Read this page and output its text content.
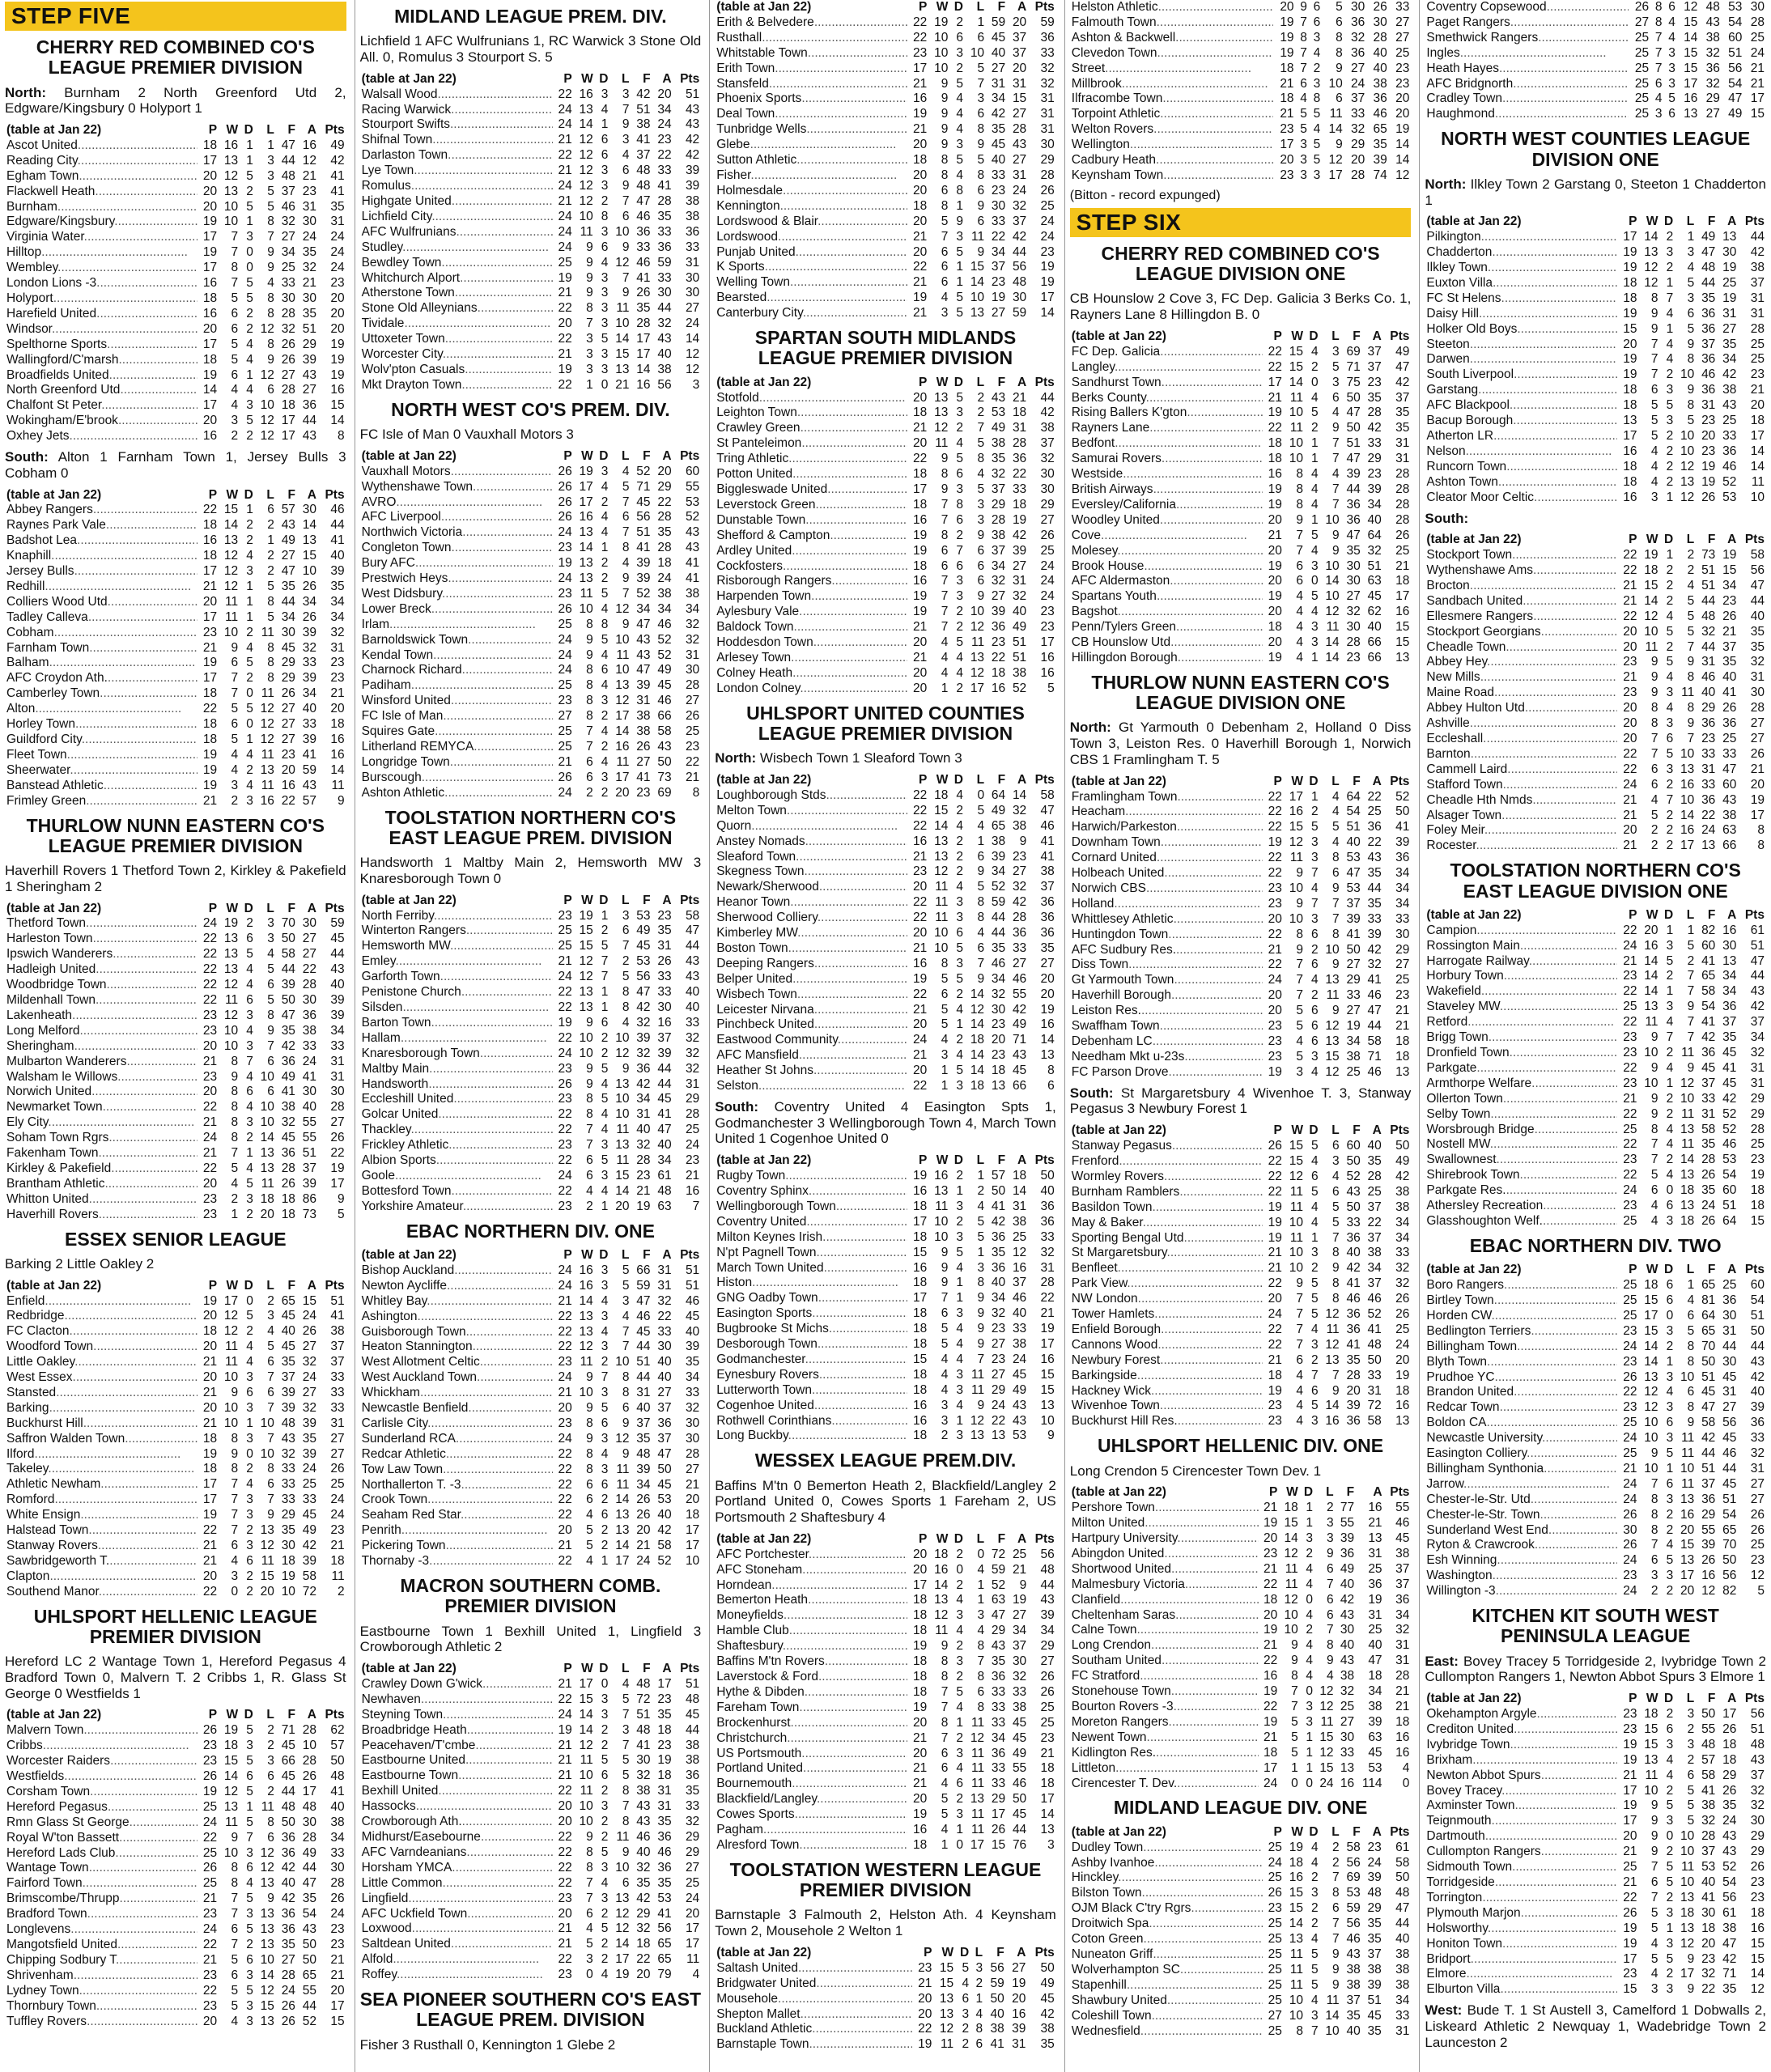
STEP FIVE
CHERRY RED COMBINED CO'S LEAGUE PREMIER DIVISION
North: Burnham 2 North Greenford Utd 2, Edgware/Kingsbury 0 Holyport 1
(table at Jan 22)	P	W	D	L	F	A	Pts
Ascot United .....	18	16	1	1	47	16	49
Reading City .....	17	13	1	3	44	12	42
Egham Town .....	20	12	5	3	48	21	41
Flackwell Heath .....	20	13	2	5	37	23	41
Burnham .....	20	10	5	5	46	31	35
Edgware/Kingsbury .....	19	10	1	8	32	30	31
Virginia Water .....	17	7	3	7	27	24	24
Hilltop .....	19	7	0	9	34	35	24
Wembley .....	17	8	0	9	25	32	24
London Lions -3 .....	16	7	5	4	33	21	23
Holyport .....	18	5	5	8	30	30	20
Harefield United .....	16	6	2	8	28	35	20
Windsor .....	20	6	2	12	32	51	20
Spelthorne Sports .....	17	5	4	8	26	29	19
Wallingford/C'marsh .....	18	5	4	9	26	39	19
Broadfields United .....	19	6	1	12	27	43	19
North Greenford Utd .....	14	4	4	6	28	27	16
Chalfont St Peter .....	17	4	3	10	18	36	15
Wokingham/E'brook .....	20	3	5	12	17	44	14
Oxhey Jets .....	16	2	2	12	17	43	8
South: Alton 1 Farnham Town 1, Jersey Bulls 3 Cobham 0
(table at Jan 22)	P	W	D	L	F	A	Pts
Abbey Rangers .....	22	15	1	6	57	30	46
Raynes Park Vale .....	18	14	2	2	43	14	44
Badshot Lea .....	16	13	2	1	49	13	41
Knaphill .....	18	12	4	2	27	15	40
Jersey Bulls .....	17	12	3	2	47	10	39
Redhill .....	21	12	1	5	35	26	35
Colliers Wood Utd .....	20	11	1	8	44	34	34
Tadley Calleva .....	17	11	1	5	34	26	34
Cobham .....	23	10	2	11	30	39	32
Farnham Town .....	21	9	4	8	45	32	31
Balham .....	19	6	5	8	29	33	23
AFC Croydon Ath. .....	17	7	2	8	29	39	23
Camberley Town .....	18	7	0	11	26	34	21
Alton .....	22	5	5	12	27	40	20
Horley Town .....	18	6	0	12	27	33	18
Guildford City .....	18	5	1	12	27	39	16
Fleet Town .....	19	4	4	11	23	41	16
Sheerwater .....	19	4	2	13	20	59	14
Banstead Athletic .....	19	3	4	11	16	43	11
Frimley Green .....	21	2	3	16	22	57	9
THURLOW NUNN EASTERN CO'S LEAGUE PREMIER DIVISION
Haverhill Rovers 1 Thetford Town 2, Kirkley & Pakefield 1 Sheringham 2
(table at Jan 22)	P	W	D	L	F	A	Pts
Thetford Town .....	24	19	2	3	70	30	59
Harleston Town .....	22	13	6	3	50	27	45
Ipswich Wanderers .....	22	13	5	4	58	27	44
Hadleigh United .....	22	13	4	5	44	22	43
Woodbridge Town .....	22	12	4	6	39	28	40
Mildenhall Town .....	22	11	6	5	50	30	39
Lakenheath .....	23	12	3	8	47	36	39
Long Melford .....	23	10	4	9	35	38	34
Sheringham .....	20	10	3	7	42	33	33
Mulbarton Wanderers .....	21	8	7	6	36	24	31
Walsham le Willows .....	23	9	4	10	49	41	31
Norwich United .....	20	8	6	6	41	30	30
Newmarket Town .....	22	8	4	10	38	40	28
Ely City .....	21	8	3	10	32	55	27
Soham Town Rgrs .....	24	8	2	14	45	55	26
Fakenham Town .....	21	7	1	13	36	51	22
Kirkley & Pakefield .....	22	5	4	13	28	37	19
Brantham Athletic .....	20	4	5	11	26	39	17
Whitton United .....	23	2	3	18	18	86	9
Haverhill Rovers .....	23	1	2	20	18	73	5
ESSEX SENIOR LEAGUE
Barking 2 Little Oakley 2
(table at Jan 22)	P	W	D	L	F	A	Pts
Enfield .....	19	17	0	2	65	15	51
Redbridge .....	20	12	5	3	45	24	41
FC Clacton .....	18	12	2	4	40	26	38
Woodford Town .....	20	11	4	5	45	27	37
Little Oakley .....	21	11	4	6	35	32	37
West Essex .....	20	10	3	7	37	24	33
Stansted .....	21	9	6	6	39	27	33
Barking .....	20	10	3	7	39	32	33
Buckhurst Hill .....	21	10	1	10	48	39	31
Saffron Walden Town .....	18	8	3	7	43	35	27
Ilford .....	19	9	0	10	32	39	27
Takeley .....	18	8	2	8	33	24	26
Athletic Newham .....	17	7	4	6	33	25	25
Romford .....	17	7	3	7	33	33	24
White Ensign .....	19	7	3	9	29	45	24
Halstead Town .....	22	7	2	13	35	49	23
Stanway Rovers .....	21	6	3	12	30	42	21
Sawbridgeworth T. .....	21	4	6	11	18	39	18
Clapton .....	20	3	2	15	19	58	11
Southend Manor .....	22	0	2	20	10	72	2
UHLSPORT HELLENIC LEAGUE PREMIER DIVISION
Hereford LC 2 Wantage Town 1, Hereford Pegasus 4 Bradford Town 0, Malvern T. 2 Cribbs 1, R. Glass St George 0 Westfields 1
(table at Jan 22)	P	W	D	L	F	A	Pts
Malvern Town .....	26	19	5	2	71	28	62
Cribbs .....	23	18	3	2	45	10	57
Worcester Raiders .....	23	15	5	3	66	28	50
Westfields .....	26	14	6	6	45	26	48
Corsham Town .....	19	12	5	2	44	17	41
Hereford Pegasus .....	25	13	1	11	48	48	40
Rmn Glass St George .....	24	11	5	8	50	30	38
Royal W'ton Bassett .....	22	9	7	6	36	28	34
Hereford Lads Club .....	25	10	3	12	36	49	33
Wantage Town .....	26	8	6	12	42	44	30
Fairford Town .....	25	8	4	13	40	47	28
Brimscombe/Thrupp .....	21	7	5	9	42	35	26
Bradford Town .....	23	7	3	13	36	54	24
Longlevens .....	24	6	5	13	36	43	23
Mangotsfield United .....	22	7	2	13	35	50	23
Chipping Sodbury T .....	21	5	6	10	27	50	21
Shrivenham .....	23	6	3	14	28	65	21
Lydney Town .....	22	5	5	12	24	55	20
Thornbury Town .....	23	5	3	15	26	44	17
Tuffley Rovers .....	20	4	3	13	26	52	15
MIDLAND LEAGUE PREM. DIV.
Lichfield 1 AFC Wulfrunians 1, RC Warwick 3 Stone Old All. 0, Romulus 3 Stourport S. 5
(table at Jan 22)	P	W	D	L	F	A	Pts
Walsall Wood .....	22	16	3	3	42	20	51
Racing Warwick .....	24	13	4	7	51	34	43
Stourport Swifts .....	24	14	1	9	38	24	43
Shifnal Town .....	21	12	6	3	41	23	42
Darlaston Town .....	22	12	6	4	37	22	42
Lye Town .....	21	12	3	6	48	33	39
Romulus .....	24	12	3	9	48	41	39
Highgate United .....	21	12	2	7	47	28	38
Lichfield City .....	24	10	8	6	46	35	38
AFC Wulfrunians .....	24	11	3	10	36	33	36
Studley .....	24	9	6	9	33	36	33
Bewdley Town .....	25	9	4	12	46	59	31
Whitchurch Alport .....	19	9	3	7	41	33	30
Atherstone Town .....	21	9	3	9	26	30	30
Stone Old Alleynians .....	22	8	3	11	35	44	27
Tividale .....	20	7	3	10	28	32	24
Uttoxeter Town .....	22	3	5	14	17	43	14
Worcester City .....	21	3	3	15	17	40	12
Wolv'pton Casuals .....	19	3	3	13	14	38	12
Mkt Drayton Town .....	22	1	0	21	16	56	3
NORTH WEST CO'S PREM. DIV.
FC Isle of Man 0 Vauxhall Motors 3
(table at Jan 22)	P	W	D	L	F	A	Pts
Vauxhall Motors .....	26	19	3	4	52	20	60
Wythenshawe Town .....	26	17	4	5	71	29	55
AVRO .....	26	17	2	7	45	22	53
AFC Liverpool .....	26	16	4	6	56	28	52
Northwich Victoria .....	24	13	4	7	51	35	43
Congleton Town .....	23	14	1	8	41	28	43
Bury AFC .....	19	13	2	4	39	18	41
Prestwich Heys .....	24	13	2	9	39	24	41
West Didsbury .....	23	11	5	7	52	38	38
Lower Breck .....	26	10	4	12	34	34	34
Irlam .....	25	8	8	9	47	46	32
Barnoldswick Town .....	24	9	5	10	43	52	32
Kendal Town .....	24	9	4	11	43	52	31
Charnock Richard .....	24	8	6	10	47	49	30
Padiham .....	25	8	4	13	39	45	28
Winsford United .....	23	8	3	12	31	46	27
FC Isle of Man .....	27	8	2	17	38	66	26
Squires Gate .....	25	7	4	14	38	58	25
Litherland REMYCA .....	25	7	2	16	26	43	23
Longridge Town .....	21	6	4	11	27	50	22
Burscough .....	26	6	3	17	41	73	21
Ashton Athletic .....	24	2	2	20	23	69	8
TOOLSTATION NORTHERN CO'S EAST LEAGUE PREM. DIVISION
Handsworth 1 Maltby Main 2, Hemsworth MW 3 Knaresborough Town 0
(table at Jan 22)	P	W	D	L	F	A	Pts
North Ferriby .....	23	19	1	3	53	23	58
Winterton Rangers .....	25	15	2	6	49	35	47
Hemsworth MW .....	25	15	5	7	45	31	44
Emley .....	21	12	7	2	53	26	43
Garforth Town .....	24	12	7	5	56	33	43
Penistone Church .....	22	13	1	8	47	33	40
Silsden .....	22	13	1	8	42	30	40
Barton Town .....	19	9	6	4	32	16	33
Hallam .....	22	10	2	10	39	37	32
Knaresborough Town .....	24	10	2	12	32	39	32
Maltby Main .....	23	9	5	9	36	44	32
Handsworth .....	26	9	4	13	42	44	31
Eccleshill United .....	23	8	5	10	34	45	29
Golcar United .....	22	8	4	10	31	41	28
Thackley .....	22	7	4	11	40	47	25
Frickley Athletic .....	23	7	3	13	32	40	24
Albion Sports .....	22	6	5	11	28	34	23
Goole .....	24	6	3	15	23	61	21
Bottesford Town .....	22	4	4	14	21	48	16
Yorkshire Amateur .....	23	2	1	20	19	63	7
EBAC NORTHERN DIV. ONE
(table at Jan 22)	P	W	D	L	F	A	Pts
Bishop Auckland .....	24	16	3	5	66	31	51
Newton Aycliffe .....	24	16	3	5	59	31	51
Whitley Bay .....	21	14	4	3	47	32	46
Ashington .....	22	13	3	4	46	22	45
Guisborough Town .....	22	13	4	7	45	33	40
Heaton Stannington .....	22	12	3	7	44	30	39
West Allotment Celtic .....	23	11	2	10	51	40	35
West Auckland Town .....	24	9	7	8	44	40	34
Whickham .....	21	10	3	8	31	27	33
Newcastle Benfield .....	20	9	5	6	40	37	32
Carlisle City .....	23	8	6	9	37	36	30
Sunderland RCA .....	24	9	3	12	35	37	30
Redcar Athletic .....	22	8	4	9	48	47	28
Tow Law Town .....	22	8	3	11	39	50	27
Northallerton T. -3 .....	22	6	6	11	34	45	21
Crook Town .....	22	6	2	14	26	53	20
Seaham Red Star .....	22	4	6	13	26	40	18
Penrith .....	20	5	2	13	20	42	17
Pickering Town .....	21	5	2	14	21	58	17
Thornaby -3 .....	22	4	1	17	24	52	10
MACRON SOUTHERN COMB. PREMIER DIVISION
Eastbourne Town 1 Bexhill United 1, Lingfield 3 Crowborough Athletic 2
(table at Jan 22)	P	W	D	L	F	A	Pts
Crawley Down G'wick .....	21	17	0	4	48	17	51
Newhaven .....	22	15	3	5	72	23	48
Steyning Town .....	24	14	3	7	51	35	45
Broadbridge Heath .....	19	14	2	3	48	18	44
Peacehaven/T'cmbe .....	21	12	2	7	41	23	38
Eastbourne United .....	21	11	5	5	30	19	38
Eastbourne Town .....	21	10	6	5	32	18	36
Bexhill United .....	22	11	2	8	38	31	35
Hassocks .....	20	10	3	7	43	31	33
Crowborough Ath. .....	20	10	2	8	43	35	32
Midhurst/Easebourne .....	22	9	2	11	46	36	29
AFC Varndeanians .....	22	8	5	9	40	46	29
Horsham YMCA .....	22	8	3	10	32	36	27
Little Common .....	22	7	4	6	35	35	25
Lingfield .....	23	7	3	13	42	53	24
AFC Uckfield Town .....	20	6	2	12	29	41	20
Loxwood .....	21	4	5	12	32	56	17
Saltdean United .....	21	5	2	14	18	65	17
Alfold .....	22	3	2	17	22	65	11
Roffey .....	23	0	4	19	20	79	4
SEA PIONEER SOUTHERN CO'S EAST LEAGUE PREM. DIVISION
Fisher 3 Rusthall 0, Kennington 1 Glebe 2
(table at Jan 22)	P	W	D	L	F	A	Pts
Erith & Belvedere .....	22	19	2	1	59	20	59
Rusthall .....	22	10	6	6	45	37	36
Whitstable Town .....	23	10	3	10	40	37	33
Erith Town .....	17	10	2	5	27	20	32
Stansfeld .....	21	9	5	7	31	31	32
Phoenix Sports .....	16	9	4	3	34	15	31
Deal Town .....	19	9	4	6	42	27	31
Tunbridge Wells .....	21	9	4	8	35	28	31
Glebe .....	20	9	3	9	45	43	30
Sutton Athletic .....	18	8	5	5	40	27	29
Fisher .....	20	8	4	8	33	31	28
Holmesdale .....	20	6	8	6	23	24	26
Kennington .....	18	8	1	9	30	32	25
Lordswood & Blair .....	20	5	9	6	33	37	24
Lordswood .....	21	7	3	11	22	42	24
Punjab United .....	20	6	5	9	34	44	23
K Sports .....	22	6	1	15	37	56	19
Welling Town .....	21	6	1	14	23	48	19
Bearsted .....	19	4	5	10	19	30	17
Canterbury City .....	21	3	5	13	27	59	14
SPARTAN SOUTH MIDLANDS LEAGUE PREMIER DIVISION
(table at Jan 22)	P	W	D	L	F	A	Pts
Stotfold .....	20	13	5	2	43	21	44
Leighton Town .....	18	13	3	2	53	18	42
Crawley Green .....	21	12	2	7	49	31	38
St Panteleimon .....	20	11	4	5	38	28	37
Tring Athletic .....	22	9	5	8	35	36	32
Potton United .....	18	8	6	4	32	22	30
Biggleswade United .....	17	9	3	5	37	33	30
Leverstock Green .....	18	7	8	3	29	18	29
Dunstable Town .....	16	7	6	3	28	19	27
Shefford & Campton .....	19	8	2	9	38	42	26
Ardley United .....	19	6	7	6	37	39	25
Cockfosters .....	18	6	6	6	34	27	24
Risborough Rangers .....	16	7	3	6	32	31	24
Harpenden Town .....	19	7	3	9	27	32	24
Aylesbury Vale .....	19	7	2	10	39	40	23
Baldock Town .....	21	7	2	12	36	49	23
Hoddesdon Town .....	20	4	5	11	23	51	17
Arlesey Town .....	21	4	4	13	22	51	16
Colney Heath .....	20	4	4	12	18	38	16
London Colney .....	20	1	2	17	16	52	5
UHLSPORT UNITED COUNTIES LEAGUE PREMIER DIVISION
North: Wisbech Town 1 Sleaford Town 3
(table at Jan 22)	P	W	D	L	F	A	Pts
Loughborough Stds .....	22	18	4	0	64	14	58
Melton Town .....	22	15	2	5	49	32	47
Quorn .....	22	14	4	4	65	38	46
Anstey Nomads .....	16	13	2	1	38	9	41
Sleaford Town .....	21	13	2	6	39	23	41
Skegness Town .....	23	12	2	9	34	27	38
Newark/Sherwood .....	20	11	4	5	52	32	37
Heanor Town .....	22	11	3	8	59	42	36
Sherwood Colliery .....	22	11	3	8	44	28	36
Kimberley MW .....	20	10	6	4	44	36	36
Boston Town .....	21	10	5	6	35	33	35
Deeping Rangers .....	16	8	3	7	46	27	27
Belper United .....	19	5	5	9	34	46	20
Wisbech Town .....	22	6	2	14	32	55	20
Leicester Nirvana .....	21	5	4	12	30	42	19
Pinchbeck United .....	20	5	1	14	23	49	16
Eastwood Community .....	24	4	2	18	20	71	14
AFC Mansfield .....	21	3	4	14	23	43	13
Heather St Johns .....	20	1	5	14	18	45	8
Selston .....	22	1	3	18	13	66	6
South: Coventry United 4 Easington Spts 1, Godmanchester 3 Wellingborough Town 4, March Town United 1 Cogenhoe United 0
(table at Jan 22)	P	W	D	L	F	A	Pts
Rugby Town .....	19	16	2	1	57	18	50
Coventry Sphinx .....	16	13	1	2	50	14	40
Wellingborough Town .....	18	11	3	4	41	31	36
Coventry United .....	17	10	2	5	42	38	36
Milton Keynes Irish .....	18	10	3	5	36	25	33
N'pt Pagnell Town .....	15	9	5	1	35	12	32
March Town United .....	16	9	4	3	36	16	31
Histon .....	18	9	1	8	40	37	28
GNG Oadby Town .....	17	7	1	9	34	46	22
Easington Sports .....	18	6	3	9	32	40	21
Bugbrooke St Michs .....	18	5	4	9	23	33	19
Desborough Town .....	18	5	4	9	27	38	17
Godmanchester .....	15	4	4	7	23	24	16
Eynesbury Rovers .....	18	4	3	11	27	45	15
Lutterworth Town .....	18	4	3	11	29	49	15
Cogenhoe United .....	16	3	4	9	24	43	13
Rothwell Corinthians .....	16	3	1	12	22	43	10
Long Buckby .....	18	2	3	13	13	53	9
WESSEX LEAGUE PREM.DIV.
Baffins M'tn 0 Bemerton Heath 2, Blackfield/Langley 2 Portland United 0, Cowes Sports 1 Fareham 2, US Portsmouth 2 Shaftesbury 4
(table at Jan 22)	P	W	D	L	F	A	Pts
AFC Portchester .....	20	18	2	0	72	25	56
AFC Stoneham .....	20	16	0	4	59	21	48
Horndean .....	17	14	2	1	52	9	44
Bemerton Heath .....	18	13	4	1	63	19	43
Moneyfields .....	18	12	3	3	47	27	39
Hamble Club .....	18	11	4	4	29	34	34
Shaftesbury .....	19	9	2	8	43	37	29
Baffins M'tn Rovers .....	18	8	3	7	35	30	27
Laverstock & Ford .....	18	8	2	8	36	32	26
Hythe & Dibden .....	18	7	5	6	33	33	26
Fareham Town .....	19	7	4	8	33	38	25
Brockenhurst .....	20	8	1	11	33	45	25
Christchurch .....	21	7	2	12	34	45	23
US Portsmouth .....	20	6	3	11	36	49	21
Portland United .....	21	6	4	11	33	55	18
Bournemouth .....	21	4	6	11	33	46	18
Blackfield/Langley .....	20	5	2	13	29	50	17
Cowes Sports .....	19	5	3	11	17	45	14
Pagham .....	16	4	1	11	26	44	13
Alresford Town .....	18	1	0	17	15	76	3
TOOLSTATION WESTERN LEAGUE PREMIER DIVISION
Barnstaple 3 Falmouth 2, Helston Ath. 4 Keynsham Town 2, Mousehole 2 Welton 1
(table at Jan 22)	P	W	D	L	F	A	Pts
Saltash United .....	23	15	5	3	56	27	50
Bridgwater United .....	21	15	4	2	59	19	49
Mousehole .....	20	13	6	1	50	20	45
Shepton Mallet .....	20	13	3	4	40	16	42
Buckland Athletic .....	22	12	2	8	38	39	38
Barnstaple Town .....	19	11	2	6	41	31	35
Helston Athletic .....	20	9	6	5	30	26	33
Falmouth Town .....	19	7	6	6	36	30	27
Ashton & Backwell .....	19	8	3	8	32	28	27
Clevedon Town .....	19	7	4	8	36	40	25
Street .....	18	7	2	9	27	40	23
Millbrook .....	21	6	3	10	24	38	23
Ilfracombe Town .....	18	4	8	6	37	36	20
Torpoint Athletic .....	21	5	5	11	33	46	20
Welton Rovers .....	23	5	4	14	32	65	19
Wellington .....	17	3	5	9	29	35	14
Cadbury Heath .....	20	3	5	12	20	39	14
Keynsham Town .....	23	3	3	17	28	74	12
(Bitton - record expunged)
STEP SIX
CHERRY RED COMBINED CO'S LEAGUE DIVISION ONE
CB Hounslow 2 Cove 3, FC Dep. Galicia 3 Berks Co. 1, Rayners Lane 8 Hillingdon B. 0
(table at Jan 22)	P	W	D	L	F	A	Pts
FC Dep. Galicia .....	22	15	4	3	69	37	49
Langley .....	22	15	2	5	71	37	47
Sandhurst Town .....	17	14	0	3	75	23	42
Berks County .....	21	11	4	6	50	35	37
Rising Ballers K'gton .....	19	10	5	4	47	28	35
Rayners Lane .....	22	11	2	9	50	42	35
Bedfont .....	18	10	1	7	51	33	31
Samurai Rovers .....	18	10	1	7	47	29	31
Westside .....	16	8	4	4	39	23	28
British Airways .....	19	8	4	7	44	39	28
Eversley/California .....	19	8	4	7	36	34	28
Woodley United .....	20	9	1	10	36	40	28
Cove .....	21	7	5	9	47	64	26
Molesey .....	20	7	4	9	35	32	25
Brook House .....	19	6	3	10	30	51	21
AFC Aldermaston .....	20	6	0	14	30	63	18
Spartans Youth .....	19	4	5	10	27	45	17
Bagshot .....	20	4	4	12	32	62	16
Penn/Tylers Green .....	18	4	3	11	30	40	15
CB Hounslow Utd .....	20	4	3	14	28	66	15
Hillingdon Borough .....	19	4	1	14	23	66	13
THURLOW NUNN EASTERN CO'S LEAGUE DIVISION ONE
North: Gt Yarmouth 0 Debenham 2, Holland 0 Diss Town 3, Leiston Res. 0 Haverhill Borough 1, Norwich CBS 1 Framlingham T. 5
(table at Jan 22)	P	W	D	L	F	A	Pts
Framlingham Town .....	22	17	1	4	64	22	52
Heacham .....	22	16	2	4	54	25	50
Harwich/Parkeston .....	22	15	5	5	51	36	41
Downham Town .....	19	12	3	4	40	22	39
Cornard United .....	22	11	3	8	53	43	36
Holbeach United .....	22	9	7	6	47	35	34
Norwich CBS .....	23	10	4	9	53	44	34
Holland .....	23	9	7	7	37	35	34
Whittlesey Athletic .....	20	10	3	7	39	33	33
Huntingdon Town .....	22	8	6	8	41	39	30
AFC Sudbury Res. .....	21	9	2	10	50	42	29
Diss Town .....	22	7	6	9	27	32	27
Gt Yarmouth Town .....	24	7	4	13	29	41	25
Haverhill Borough .....	20	7	2	11	33	46	23
Leiston Res. .....	20	5	6	9	27	47	21
Swaffham Town .....	23	5	6	12	19	44	21
Debenham LC .....	23	4	6	13	34	58	18
Needham Mkt u-23s .....	23	5	3	15	38	71	18
FC Parson Drove .....	19	3	4	12	25	46	13
South: St Margaretsbury 4 Wivenhoe T. 3, Stanway Pegasus 3 Newbury Forest 1
(table at Jan 22)	P	W	D	L	F	A	Pts
Stanway Pegasus .....	26	15	5	6	60	40	50
Frenford .....	22	15	4	3	50	35	49
Wormley Rovers .....	22	12	6	4	52	28	42
Burnham Ramblers .....	22	11	5	6	43	25	38
Basildon Town .....	19	11	4	5	50	37	38
May & Baker .....	19	10	4	5	33	22	34
Sporting Bengal Utd .....	19	11	1	7	36	37	34
St Margaretsbury .....	21	10	3	8	40	38	33
Benfleet .....	21	10	2	9	42	34	32
Park View .....	22	9	5	8	41	37	32
NW London .....	20	7	5	8	46	46	26
Tower Hamlets .....	24	7	5	12	36	52	26
Enfield Borough .....	22	7	4	11	36	41	25
Cannons Wood .....	22	7	3	12	41	48	24
Newbury Forest .....	21	6	2	13	35	50	20
Barkingside .....	18	4	7	7	28	33	19
Hackney Wick .....	19	4	6	9	20	31	18
Wivenhoe Town .....	23	4	5	14	39	72	16
Buckhurst Hill Res. .....	23	4	3	16	36	58	13
UHLSPORT HELLENIC DIV. ONE
Long Crendon 5 Cirencester Town Dev. 1
(table at Jan 22)	P	W	D	L	F	A	Pts
Pershore Town .....	21	18	1	2	77	16	55
Milton United .....	19	15	1	3	55	21	46
Hartpury University .....	20	14	3	3	39	13	45
Abingdon United .....	23	12	2	9	36	31	38
Shortwood United .....	21	11	4	6	49	25	37
Malmesbury Victoria .....	22	11	4	7	40	36	37
Clanfield .....	18	12	0	6	42	19	36
Cheltenham Saras .....	20	10	4	6	43	31	34
Calne Town .....	19	10	2	7	30	25	32
Long Crendon .....	21	9	4	8	40	40	31
Southam United .....	22	9	4	9	43	47	31
FC Stratford .....	16	8	4	4	38	18	28
Stonehouse Town .....	19	7	0	12	32	34	21
Bourton Rovers -3 .....	22	7	3	12	25	38	21
Moreton Rangers .....	19	5	3	11	27	39	18
Newent Town .....	21	5	1	15	30	63	16
Kidlington Res. .....	18	5	1	12	33	45	16
Littleton .....	17	1	1	15	13	53	4
Cirencester T. Dev. .....	24	0	0	24	16	114	0
MIDLAND LEAGUE DIV. ONE
(table at Jan 22)	P	W	D	L	F	A	Pts
Dudley Town .....	25	19	4	2	58	23	61
Ashby Ivanhoe .....	24	18	4	2	56	24	58
Hinckley .....	25	16	2	7	69	39	50
Bilston Town .....	26	15	3	8	53	48	48
OJM Black C'try Rgrs .....	23	15	2	6	59	29	47
Droitwich Spa .....	25	14	2	7	56	35	44
Coton Green .....	25	13	4	7	46	35	40
Nuneaton Griff .....	25	11	5	9	43	37	38
Wolverhampton SC .....	25	11	5	9	38	38	38
Stapenhill .....	25	11	5	9	38	39	38
Shawbury United .....	25	10	4	11	37	51	34
Coleshill Town .....	27	10	3	14	35	45	33
Wednesfield .....	25	8	7	10	40	35	31
Coventry Copsewood .....	26	8	6	12	48	53	30
Paget Rangers .....	27	8	4	15	43	54	28
Smethwick Rangers .....	25	7	4	14	38	60	25
Ingles .....	25	7	3	15	32	51	24
Heath Hayes .....	25	7	3	15	36	56	21
AFC Bridgnorth .....	25	6	3	17	32	54	21
Cradley Town .....	25	4	5	16	29	47	17
Haughmond .....	25	3	6	13	27	49	15
NORTH WEST COUNTIES LEAGUE DIVISION ONE
North: Ilkley Town 2 Garstang 0, Steeton 1 Chadderton 1
(table at Jan 22)	P	W	D	L	F	A	Pts
Pilkington .....	17	14	2	1	49	13	44
Chadderton .....	19	13	3	3	47	30	42
Ilkley Town .....	19	12	2	4	48	19	38
Euxton Villa .....	18	12	1	5	44	25	37
FC St Helens .....	18	8	7	3	35	19	31
Daisy Hill .....	19	9	4	6	36	31	31
Holker Old Boys .....	15	9	1	5	36	27	28
Steeton .....	20	7	4	9	37	35	25
Darwen .....	19	7	4	8	36	34	25
South Liverpool .....	19	7	2	10	46	42	23
Garstang .....	18	6	3	9	36	38	21
AFC Blackpool .....	18	5	5	8	31	43	20
Bacup Borough .....	13	5	3	5	23	25	18
Atherton LR .....	17	5	2	10	20	33	17
Nelson .....	16	4	2	10	23	36	14
Runcorn Town .....	18	4	2	12	19	46	14
Ashton Town .....	18	4	2	13	19	52	11
Cleator Moor Celtic .....	16	3	1	12	26	53	10
South:
(table at Jan 22)	P	W	D	L	F	A	Pts
Stockport Town .....	22	19	1	2	73	19	58
Wythenshawe Ams .....	22	18	2	2	51	15	56
Brocton .....	21	15	2	4	51	34	47
Sandbach United .....	21	14	2	5	44	23	44
Ellesmere Rangers .....	22	12	4	5	48	26	40
Stockport Georgians .....	20	10	5	5	32	21	35
Cheadle Town .....	20	11	2	7	44	37	35
Abbey Hey .....	23	9	5	9	31	35	32
New Mills .....	21	9	4	8	46	40	31
Maine Road .....	23	9	3	11	40	41	30
Abbey Hulton Utd .....	20	8	4	8	29	26	28
Ashville .....	20	8	3	9	36	36	27
Eccleshall .....	20	7	6	7	23	25	27
Barnton .....	22	7	5	10	33	33	26
Cammell Laird .....	22	6	3	13	31	47	21
Stafford Town .....	24	6	2	16	33	60	20
Cheadle Hth Nmds .....	21	4	7	10	36	43	19
Alsager Town .....	21	5	2	14	22	38	17
Foley Meir .....	20	2	2	16	24	63	8
Rocester .....	21	2	2	17	13	66	8
TOOLSTATION NORTHERN CO'S EAST LEAGUE DIVISION ONE
(table at Jan 22)	P	W	D	L	F	A	Pts
Campion .....	22	20	1	1	82	16	61
Rossington Main .....	24	16	3	5	60	30	51
Harrogate Railway .....	21	14	5	2	41	13	47
Horbury Town .....	23	14	2	7	65	34	44
Wakefield .....	22	14	1	7	58	34	43
Staveley MW .....	25	13	3	9	54	36	42
Retford .....	22	11	4	7	41	37	37
Brigg Town .....	23	9	7	7	42	35	34
Dronfield Town .....	23	10	2	11	36	45	32
Parkgate .....	22	9	4	9	45	41	31
Armthorpe Welfare .....	23	10	1	12	37	45	31
Ollerton Town .....	21	9	2	10	33	42	29
Selby Town .....	22	9	2	11	31	52	29
Worsbrough Bridge .....	25	8	4	13	58	52	28
Nostell MW .....	22	7	4	11	35	46	25
Swallownest .....	23	7	2	14	28	53	23
Shirebrook Town .....	22	5	4	13	26	54	19
Parkgate Res. .....	24	6	0	18	35	60	18
Athersley Recreation .....	23	4	6	13	24	51	18
Glasshoughton Welf. .....	25	4	3	18	26	64	15
EBAC NORTHERN DIV. TWO
(table at Jan 22)	P	W	D	L	F	A	Pts
Boro Rangers .....	25	18	6	1	65	25	60
Birtley Town .....	25	15	6	4	81	36	54
Horden CW .....	25	17	0	6	64	30	51
Bedlington Terriers .....	23	15	3	5	65	31	50
Billingham Town .....	24	14	2	8	70	44	44
Blyth Town .....	23	14	1	8	50	30	43
Prudhoe YC .....	26	13	3	10	51	45	42
Brandon United .....	22	12	4	6	45	31	40
Redcar Town .....	23	12	3	8	47	27	39
Boldon CA .....	25	10	6	9	58	56	36
Newcastle University .....	24	10	3	11	42	45	33
Easington Colliery .....	25	9	5	11	44	46	32
Billingham Synthonia .....	21	10	1	10	51	44	31
Jarrow .....	24	7	6	11	37	45	27
Chester-le-Str. Utd .....	24	8	3	13	36	51	27
Chester-le-Str. Town .....	26	8	2	16	29	54	26
Sunderland West End .....	30	8	2	20	55	65	26
Ryton & Crawcrook .....	26	7	4	15	39	70	25
Esh Winning .....	24	6	5	13	26	50	23
Washington .....	23	3	3	17	16	56	12
Willington -3 .....	24	2	2	20	12	82	5
KITCHEN KIT SOUTH WEST PENINSULA LEAGUE
East: Bovey Tracey 5 Torridgeside 2, Ivybridge Town 2 Cullompton Rangers 1, Newton Abbot Spurs 3 Elmore 1
(table at Jan 22)	P	W	D	L	F	A	Pts
Okehampton Argyle .....	23	18	2	3	50	17	56
Crediton United .....	23	15	6	2	55	26	51
Ivybridge Town .....	19	15	3	3	48	18	48
Brixham .....	19	13	4	2	57	18	43
Newton Abbot Spurs .....	21	11	4	6	58	29	37
Bovey Tracey .....	17	10	2	5	41	26	32
Axminster Town .....	19	9	5	5	38	35	32
Teignmouth .....	17	9	3	5	32	24	30
Dartmouth .....	20	9	0	10	28	43	29
Cullompton Rangers .....	21	9	2	10	37	43	29
Sidmouth Town .....	25	7	5	11	53	52	26
Torridgeside .....	21	6	5	10	40	54	23
Torrington .....	22	7	2	13	41	56	23
Plymouth Marjon .....	26	5	3	18	30	61	18
Holsworthy .....	19	5	1	13	18	38	16
Honiton Town .....	19	4	3	12	20	47	15
Bridport .....	17	5	5	9	23	42	15
Elmore .....	23	4	2	17	32	71	14
Elburton Villa .....	15	3	3	9	22	35	12
West: Bude T. 1 St Austell 3, Camelford 1 Dobwalls 2, Liskeard Athletic 2 Newquay 1, Wadebridge Town 2 Launceston 2
